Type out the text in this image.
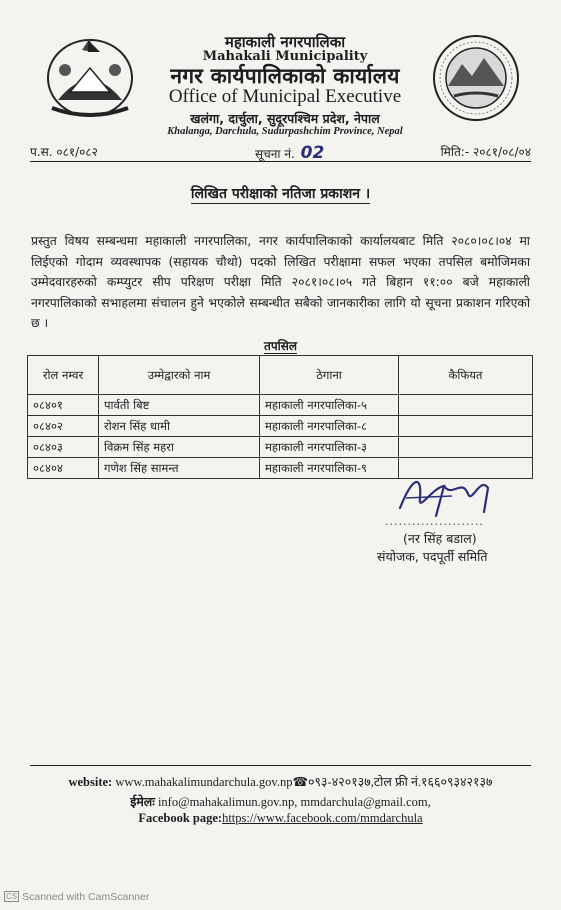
महाकाली नगरपालिका
Mahakali Municipality
नगर कार्यपालिकाको कार्यालय
Office of Municipal Executive
खलंगा, दार्चुला, सुदूरपश्चिम प्रदेश, नेपाल
Khalanga, Darchula, Sudurpashchim Province, Nepal
प.स. ०८१/०८२	सूचना नं. 02	मिति:- २०८१/०८/०४
लिखित परीक्षाको नतिजा प्रकाशन ।
प्रस्तुत विषय सम्बन्धमा महाकाली नगरपालिका, नगर कार्यपालिकाको कार्यालयबाट मिति २०८०।०८।०४ मा लिईएको गोदाम व्यवस्थापक (सहायक चौथो) पदको लिखित परीक्षामा सफल भएका तपसिल बमोजिमका उम्मेदवारहरुको कम्प्युटर सीप परिक्षण परीक्षा मिति २०८१।०८।०५ गते बिहान ११:०० बजे महाकाली नगरपालिकाको सभाहलमा संचालन हुने भएकोले सम्बन्धीत सबैको जानकारीका लागि यो सूचना प्रकाशन गरिएको छ ।
तपसिल
रोल नम्वर	उम्मेद्वारको नाम	ठेगाना	कैफियत
०८४०१	पार्वती बिष्ट	महाकाली नगरपालिका-५	
०८४०२	रोशन सिंह धामी	महाकाली नगरपालिका-८	
०८४०३	विक्रम सिंह महरा	महाकाली नगरपालिका-३	
०८४०४	गणेश सिंह सामन्त	महाकाली नगरपालिका-९	
......................
(नर सिंह बडाल)
संयोजक, पदपूर्ती समिति
website: www.mahakalimundarchula.gov.np☎०९३-४२०१३७,टोल फ्री नं.१६६०९३४२१३७
ईमेलः info@mahakalimun.gov.np, mmdarchula@gmail.com,
Facebook page:https://www.facebook.com/mmdarchula
CS Scanned with CamScanner
